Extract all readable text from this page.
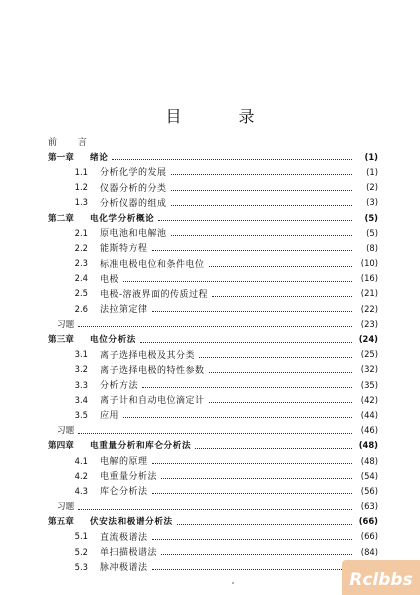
目 录
前 言
第一章	绪论	(1)
1.1 分析化学的发展	(1)
1.2 仪器分析的分类	(2)
1.3 分析仪器的组成	(3)
第二章	电化学分析概论	(5)
2.1 原电池和电解池	(5)
2.2 能斯特方程	(8)
2.3 标准电极电位和条件电位	(10)
2.4 电极	(16)
2.5 电极-溶液界面的传质过程	(21)
2.6 法拉第定律	(22)
习题	(23)
第三章	电位分析法	(24)
3.1 离子选择电极及其分类	(25)
3.2 离子选择电极的特性参数	(32)
3.3 分析方法	(35)
3.4 离子计和自动电位滴定计	(42)
3.5 应用	(44)
习题	(46)
第四章	电重量分析和库仑分析法	(48)
4.1 电解的原理	(48)
4.2 电重量分析法	(54)
4.3 库仑分析法	(56)
习题	(63)
第五章	伏安法和极谱分析法	(66)
5.1 直流极谱法	(66)
5.2 单扫描极谱法	(84)
5.3 脉冲极谱法
Rclbbs
